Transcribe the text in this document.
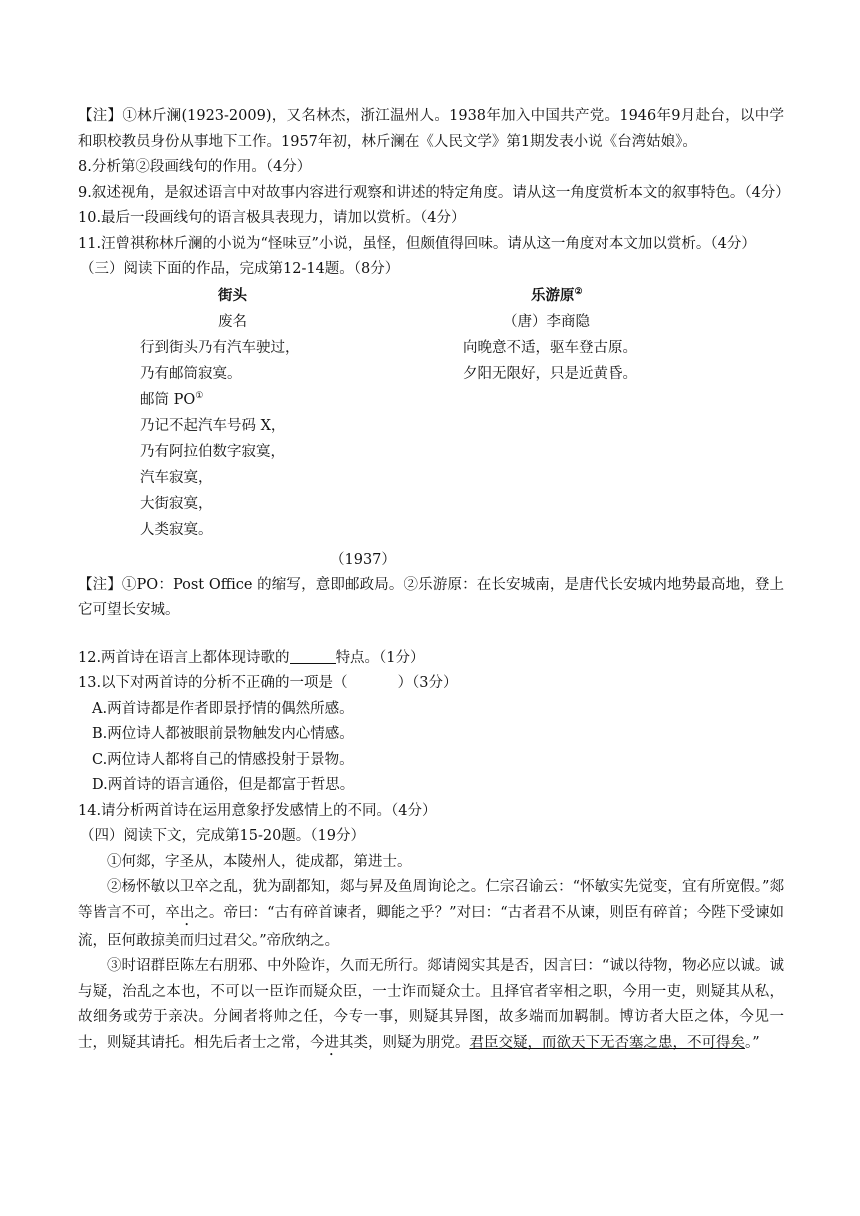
【注】①林斤澜(1923-2009)，又名林杰，浙江温州人。1938年加入中国共产党。1946年9月赴台，以中学和职校教员身份从事地下工作。1957年初，林斤澜在《人民文学》第1期发表小说《台湾姑娘》。

8.分析第②段画线句的作用。（4分）

9.叙述视角，是叙述语言中对故事内容进行观察和讲述的特定角度。请从这一角度赏析本文的叙事特色。（4分）

10.最后一段画线句的语言极具表现力，请加以赏析。（4分）

11.汪曾祺称林斤澜的小说为“怪味豆”小说，虽怪，但颇值得回味。请从这一角度对本文加以赏析。（4分）

（三）阅读下面的作品，完成第12-14题。（8分）

街头
废名
行到街头乃有汽车驶过，
乃有邮筒寂寞。
邮筒 PO①
乃记不起汽车号码 X，
乃有阿拉伯数字寂寞，
汽车寂寞，
大街寂寞，
人类寂寞。
乐游原②
（唐）李商隐
向晚意不适，驱车登古原。
夕阳无限好，只是近黄昏。
（1937）

【注】①PO：Post Office 的缩写，意即邮政局。②乐游原：在长安城南，是唐代长安城内地势最高地，登上它可望长安城。

12.两首诗在语言上都体现诗歌的	特点。（1分）

13.以下对两首诗的分析不正确的一项是（	）（3分）

A.两首诗都是作者即景抒情的偶然所感。
B.两位诗人都被眼前景物触发内心情感。
C.两位诗人都将自己的情感投射于景物。
D.两首诗的语言通俗，但是都富于哲思。

14.请分析两首诗在运用意象抒发感情上的不同。（4分）

（四）阅读下文，完成第15-20题。（19分）

①何郯，字圣从，本陵州人，徙成都，第进士。

②杨怀敏以卫卒之乱，犹为副都知，郯与昇及鱼周询论之。仁宗召谕云：“怀敏实先觉变，宜有所宽假。”郯等皆言不可，卒出之。帝曰：“古有碎首谏者，卿能之乎？”对曰：“古者君不从谏，则臣有碎首；今陛下受谏如流，臣何敢掠美而归过君父。”帝欣纳之。

③时诏群臣陈左右朋邪、中外险诈，久而无所行。郯请阅实其是否，因言曰：“诚以待物，物必应以诚。诚与疑，治乱之本也，不可以一臣诈而疑众臣，一士诈而疑众士。且择官者宰相之职，今用一吏，则疑其从私，故细务或劳于亲决。分阃者将帅之任，今专一事，则疑其异图，故多端而加羁制。博访者大臣之体，今见一士，则疑其请托。相先后者士之常，今进其类，则疑为朋党。君臣交疑，而欲天下无否塞之患，不可得矣。”
